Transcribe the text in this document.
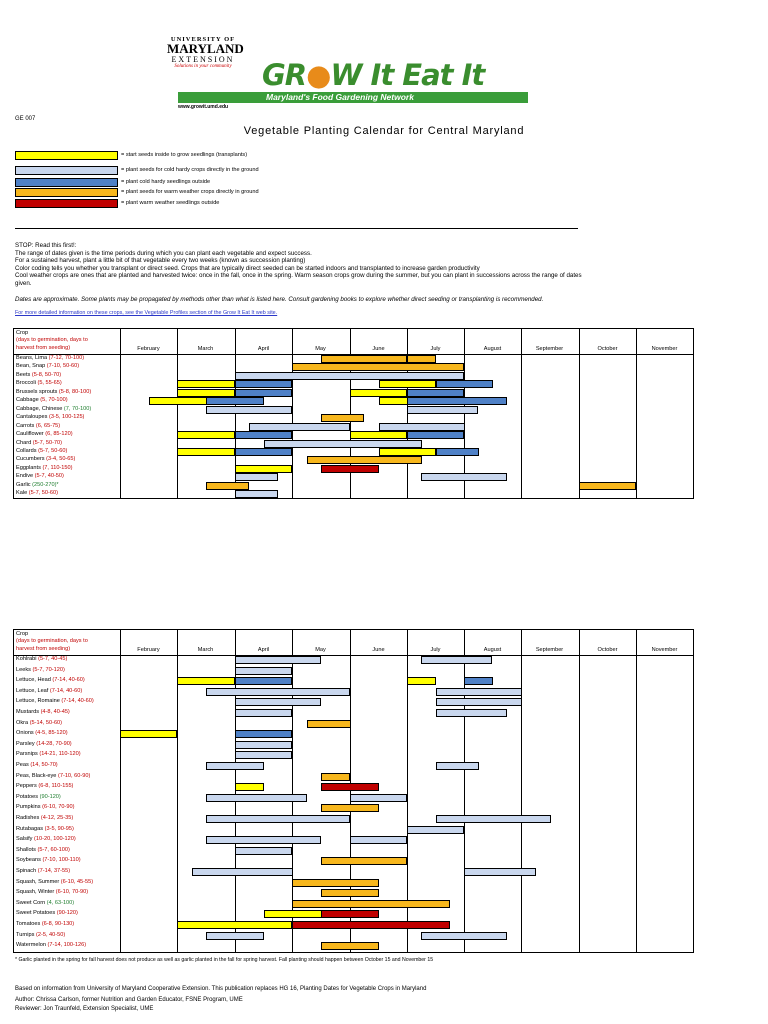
UNIVERSITY OF
MARYLAND
EXTENSION
Solutions in your community GR●W It Eat It
Maryland's Food Gardening Network
www.growit.umd.edu
GE 007
Vegetable Planting Calendar for Central Maryland
= start seeds inside to grow seedlings (transplants)
= plant seeds for cold hardy crops directly in the ground
= plant cold hardy seedlings outside
= plant seeds for warm weather crops directly in ground
= plant warm weather seedlings outside
STOP: Read this first!:
The range of dates given is the time periods during which you can plant each vegetable and expect success.
For a sustained harvest, plant a little bit of that vegetable every two weeks (known as succession planting)
Color coding tells you whether you transplant or direct seed. Crops that are typically direct seeded can be started indoors and transplanted to increase garden productivity
Cool weather crops are ones that are planted and harvested twice: once in the fall, once in the spring. Warm season crops grow during the summer, but you can plant in successions across the range of dates
given.
Dates are approximate. Some plants may be propagated by methods other than what is listed here. Consult gardening books to explore whether direct seeding or transplanting is recommended.
For more detailed information on these crops, see the Vegetable Profiles section of the Grow It Eat It web site.
Crop
(days to germination, days to
harvest from seeding)	February	March	April	May	June	July	August	September	October	November
Beans, Lima (7-12, 70-100)
Bean, Snap (7-10, 50-60)
Beets (5-8, 50-70)
Broccoli (5, 55-65)
Brussels sprouts (5-8, 80-100)
Cabbage (5, 70-100)
Cabbage, Chinese (7, 70-100)
Cantaloupes (3-5, 100-125)
Carrots (6, 65-75)
Cauliflower (6, 85-120)
Chard (5-7, 50-70)
Collards (5-7, 50-60)
Cucumbers (3-4, 50-65)
Eggplants (7, 110-150)
Endive (5-7, 40-50)
Garlic (250-270)*
Kale (5-7, 50-60)
Crop
(days to germination, days to
harvest from seeding)	February	March	April	May	June	July	August	September	October	November
Kohlrabi (5-7, 40-45)
Leeks (5-7, 70-120)
Lettuce, Head (7-14, 40-60)
Lettuce, Leaf (7-14, 40-60)
Lettuce, Romaine (7-14, 40-60)
Mustards (4-8, 40-45)
Okra (5-14, 50-60)
Onions (4-5, 85-120)
Parsley (14-28, 70-90)
Parsnips (14-21, 110-120)
Peas (14, 50-70)
Peas, Black-eye (7-10, 60-90)
Peppers (6-8, 110-155)
Potatoes (90-120)
Pumpkins (6-10, 70-90)
Radishes (4-12, 25-35)
Rutabagas (3-5, 90-95)
Salsify (10-20, 100-120)
Shallots (5-7, 60-100)
Soybeans (7-10, 100-110)
Spinach (7-14, 37-55)
Squash, Summer (6-10, 45-55)
Squash, Winter (6-10, 70-90)
Sweet Corn (4, 63-100)
Sweet Potatoes (90-120)
Tomatoes (6-8, 90-130)
Turnips (2-5, 40-50)
Watermelon (7-14, 100-126)
* Garlic planted in the spring for fall harvest does not produce as well as garlic planted in the fall for spring harvest. Fall planting should happen between October 15 and November 15
Based on information from University of Maryland Cooperative Extension. This publication replaces HG 16, Planting Dates for Vegetable Crops in Maryland
Author: Chrissa Carlson, former Nutrition and Garden Educator, FSNE Program, UME
Reviewer: Jon Traunfeld, Extension Specialist, UME
